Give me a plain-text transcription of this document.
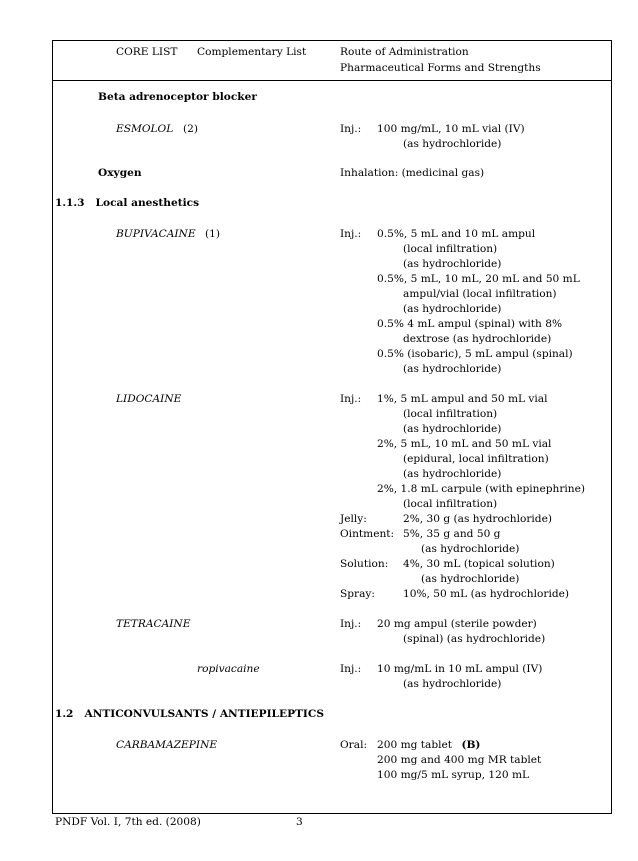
CORE LIST Complementary List	Route of Administration
Pharmaceutical Forms and Strengths
Beta adrenoceptor blocker
ESMOLOL (2)	Inj.: 100 mg/mL, 10 mL vial (IV)
(as hydrochloride)
Oxygen	Inhalation: (medicinal gas)
1.1.3   Local anesthetics
BUPIVACAINE (1)	Inj.: 0.5%, 5 mL and 10 mL ampul
(local infiltration)
(as hydrochloride)
0.5%, 5 mL, 10 mL, 20 mL and 50 mL
ampul/vial (local infiltration)
(as hydrochloride)
0.5% 4 mL ampul (spinal) with 8%
dextrose (as hydrochloride)
0.5% (isobaric), 5 mL ampul (spinal)
(as hydrochloride)
LIDOCAINE	Inj.: 1%, 5 mL ampul and 50 mL vial
(local infiltration)
(as hydrochloride)
2%, 5 mL, 10 mL and 50 mL vial
(epidural, local infiltration)
(as hydrochloride)
2%, 1.8 mL carpule (with epinephrine)
(local infiltration)
Jelly:	2%, 30 g (as hydrochloride)
Ointment: 5%, 35 g and 50 g
(as hydrochloride)
Solution: 4%, 30 mL (topical solution)
(as hydrochloride)
Spray:	10%, 50 mL (as hydrochloride)
TETRACAINE	Inj.: 20 mg ampul (sterile powder)
(spinal) (as hydrochloride)
ropivacaine	Inj.: 10 mg/mL in 10 mL ampul (IV)
(as hydrochloride)
1.2   ANTICONVULSANTS / ANTIEPILEPTICS
CARBAMAZEPINE	Oral: 200 mg tablet (B)
200 mg and 400 mg MR tablet
100 mg/5 mL syrup, 120 mL
PNDF Vol. I, 7th ed. (2008)	3
